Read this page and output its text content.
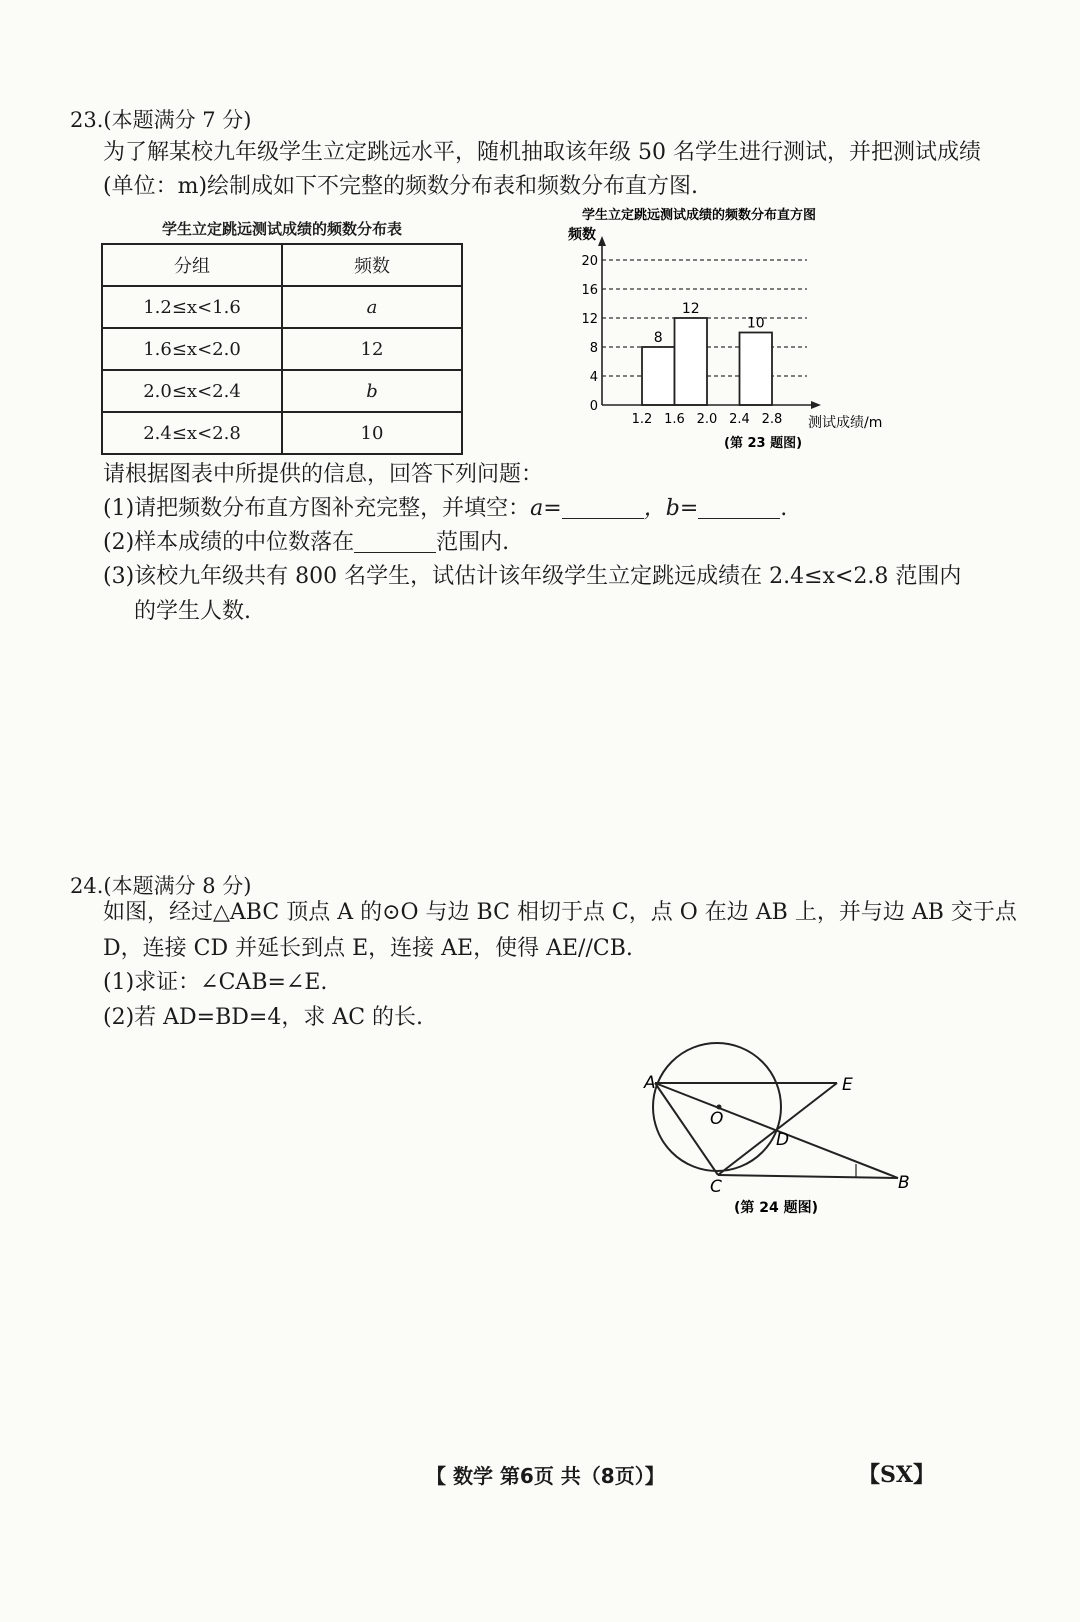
23.(本题满分 7 分)
为了解某校九年级学生立定跳远水平，随机抽取该年级 50 名学生进行测试，并把测试成绩
(单位：m)绘制成如下不完整的频数分布表和频数分布直方图.
学生立定跳远测试成绩的频数分布表
分组	频数
1.2≤x<1.6	a
1.6≤x<2.0	12
2.0≤x<2.4	b
2.4≤x<2.8	10
学生立定跳远测试成绩的频数分布直方图
频数
测试成绩/m
(第 23 题图)
8
12
10
0
4
8
12
16
20
1.2 1.6 2.0 2.4 2.8
请根据图表中所提供的信息，回答下列问题：
(1)请把频数分布直方图补充完整，并填空：a=	，b=	.
(2)样本成绩的中位数落在	范围内.
(3)该校九年级共有 800 名学生，试估计该年级学生立定跳远成绩在 2.4≤x<2.8 范围内
的学生人数.
24.(本题满分 8 分)
如图，经过△ABC 顶点 A 的⊙O 与边 BC 相切于点 C，点 O 在边 AB 上，并与边 AB 交于点
D，连接 CD 并延长到点 E，连接 AE，使得 AE//CB.
(1)求证：∠CAB=∠E.
(2)若 AD=BD=4，求 AC 的长.
A	E
O
D
C	B
(第 24 题图)
【 数学 第6页 共（8页）】	【SX】
